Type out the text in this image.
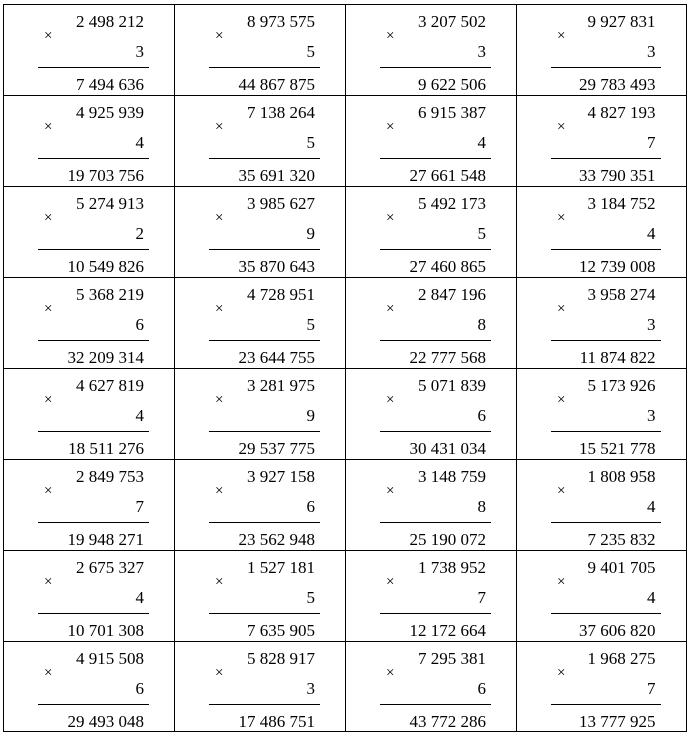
×
2 498 212
3
7 494 636
×
8 973 575
5
44 867 875
×
3 207 502
3
9 622 506
×
9 927 831
3
29 783 493
×
4 925 939
4
19 703 756
×
7 138 264
5
35 691 320
×
6 915 387
4
27 661 548
×
4 827 193
7
33 790 351
×
5 274 913
2
10 549 826
×
3 985 627
9
35 870 643
×
5 492 173
5
27 460 865
×
3 184 752
4
12 739 008
×
5 368 219
6
32 209 314
×
4 728 951
5
23 644 755
×
2 847 196
8
22 777 568
×
3 958 274
3
11 874 822
×
4 627 819
4
18 511 276
×
3 281 975
9
29 537 775
×
5 071 839
6
30 431 034
×
5 173 926
3
15 521 778
×
2 849 753
7
19 948 271
×
3 927 158
6
23 562 948
×
3 148 759
8
25 190 072
×
1 808 958
4
7 235 832
×
2 675 327
4
10 701 308
×
1 527 181
5
7 635 905
×
1 738 952
7
12 172 664
×
9 401 705
4
37 606 820
×
4 915 508
6
29 493 048
×
5 828 917
3
17 486 751
×
7 295 381
6
43 772 286
×
1 968 275
7
13 777 925
